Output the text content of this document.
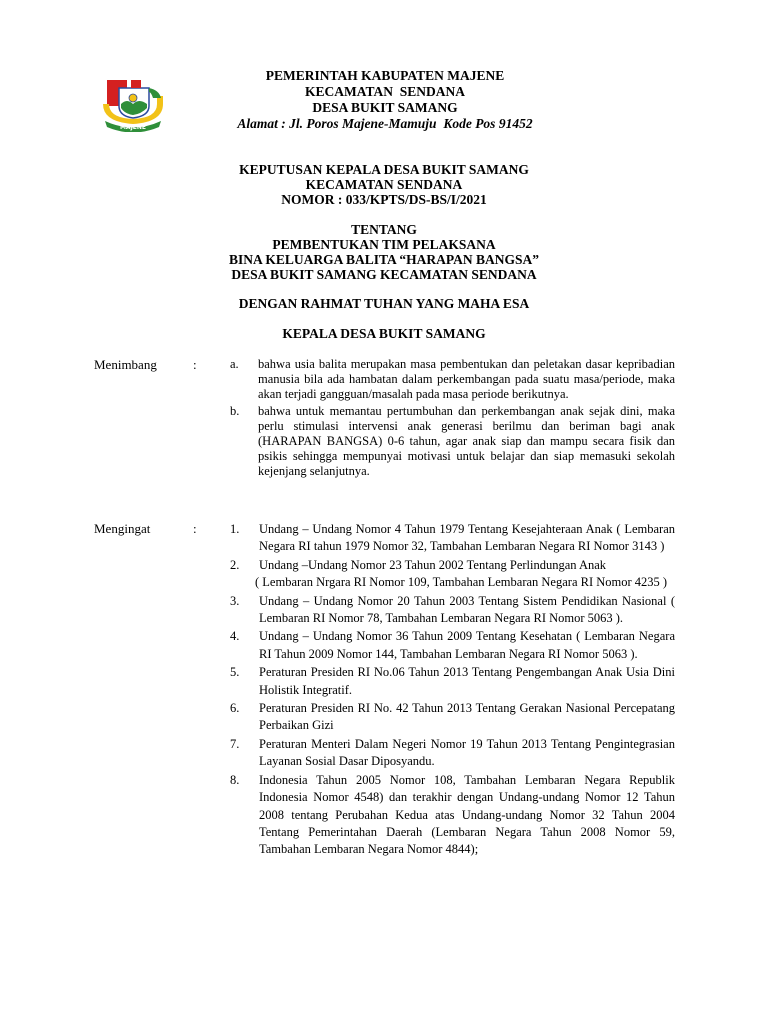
MAJENE
PEMERINTAH KABUPATEN MAJENE
KECAMATAN  SENDANA
DESA BUKIT SAMANG
Alamat : Jl. Poros Majene-Mamuju  Kode Pos 91452
KEPUTUSAN KEPALA DESA BUKIT SAMANG
KECAMATAN SENDANA
NOMOR : 033/KPTS/DS-BS/I/2021
TENTANG
PEMBENTUKAN TIM PELAKSANA
BINA KELUARGA BALITA “HARAPAN BANGSA”
DESA BUKIT SAMANG KECAMATAN SENDANA
DENGAN RAHMAT TUHAN YANG MAHA ESA
KEPALA DESA BUKIT SAMANG
Menimbang	:	a. bahwa usia balita merupakan masa pembentukan dan peletakan dasar kepribadian manusia bila ada hambatan dalam perkembangan pada suatu masa/periode, maka akan terjadi gangguan/masalah pada masa periode berikutnya.
b. bahwa untuk memantau pertumbuhan dan perkembangan anak sejak dini, maka perlu stimulasi intervensi anak generasi berilmu dan beriman bagi anak (HARAPAN BANGSA) 0-6 tahun, agar anak siap dan mampu secara fisik dan psikis sehingga mempunyai motivasi untuk belajar dan siap memasuki sekolah kejenjang selanjutnya.
Mengingat	:	1. Undang – Undang Nomor 4 Tahun 1979 Tentang Kesejahteraan Anak ( Lembaran Negara RI tahun 1979 Nomor 32, Tambahan Lembaran Negara RI Nomor 3143 )
2. Undang –Undang Nomor 23 Tahun 2002 Tentang Perlindungan Anak
( Lembaran Nrgara RI Nomor 109, Tambahan Lembaran Negara RI Nomor 4235 )
3. Undang – Undang Nomor 20 Tahun 2003 Tentang Sistem Pendidikan Nasional ( Lembaran RI Nomor 78, Tambahan Lembaran Negara RI Nomor 5063 ).
4. Undang – Undang Nomor 36 Tahun 2009 Tentang Kesehatan ( Lembaran Negara RI Tahun 2009 Nomor 144, Tambahan Lembaran Negara RI Nomor 5063 ).
5. Peraturan Presiden RI No.06 Tahun 2013 Tentang Pengembangan Anak Usia Dini Holistik Integratif.
6. Peraturan Presiden RI No. 42 Tahun 2013 Tentang Gerakan Nasional Percepatang Perbaikan Gizi
7. Peraturan Menteri Dalam Negeri Nomor 19 Tahun 2013 Tentang Pengintegrasian Layanan Sosial Dasar Diposyandu.
8. Indonesia Tahun 2005 Nomor 108, Tambahan Lembaran Negara Republik Indonesia Nomor 4548) dan terakhir dengan Undang-undang Nomor 12 Tahun 2008 tentang Perubahan Kedua atas Undang-undang Nomor 32 Tahun 2004 Tentang Pemerintahan Daerah (Lembaran Negara Tahun 2008 Nomor 59, Tambahan Lembaran Negara Nomor 4844);
